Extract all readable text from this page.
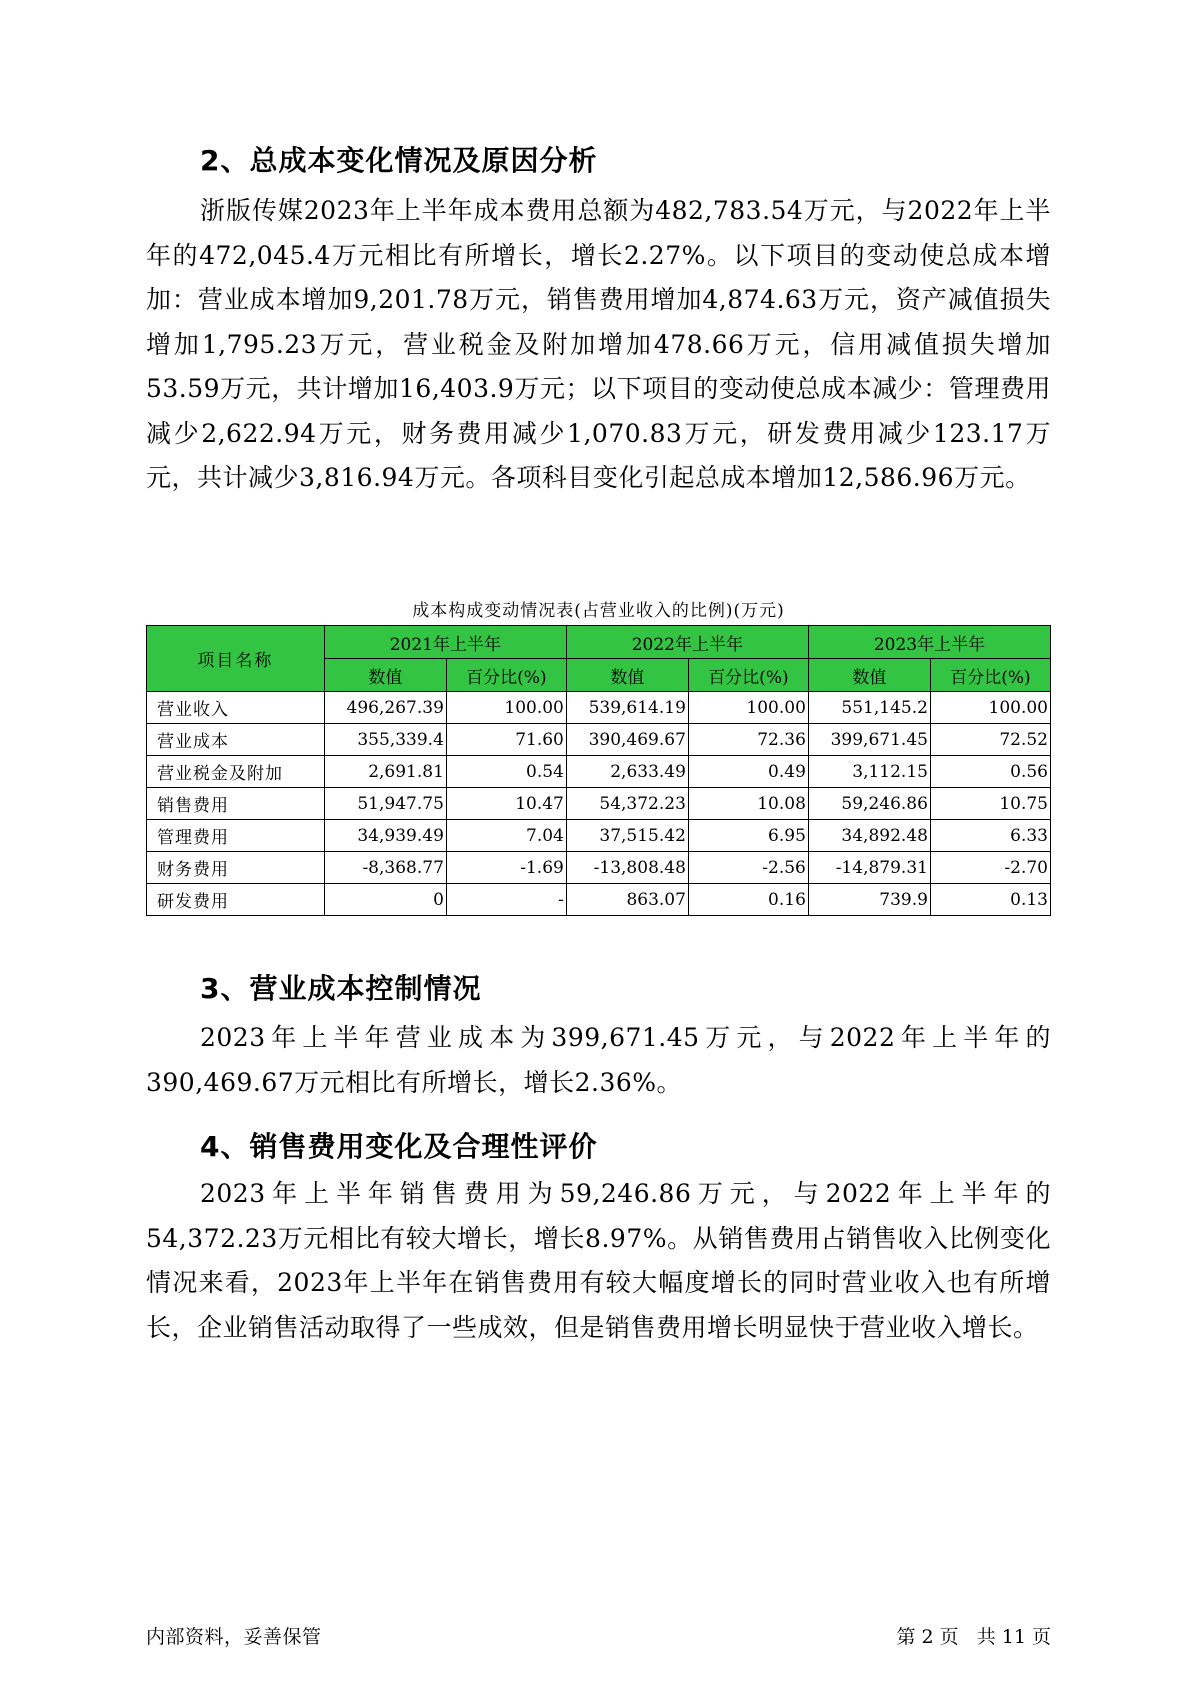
2、总成本变化情况及原因分析

浙版传媒2023年上半年成本费用总额为482,783.54万元，与2022年上半年的472,045.4万元相比有所增长，增长2.27%。以下项目的变动使总成本增加：营业成本增加9,201.78万元，销售费用增加4,874.63万元，资产减值损失增加1,795.23万元，营业税金及附加增加478.66万元，信用减值损失增加53.59万元，共计增加16,403.9万元；以下项目的变动使总成本减少：管理费用减少2,622.94万元，财务费用减少1,070.83万元，研发费用减少123.17万元，共计减少3,816.94万元。各项科目变化引起总成本增加12,586.96万元。

成本构成变动情况表(占营业收入的比例)(万元)
项目名称	2021年上半年		2022年上半年		2023年上半年	
	数值	百分比(%)	数值	百分比(%)	数值	百分比(%)
营业收入	496,267.39	100.00	539,614.19	100.00	551,145.2	100.00
营业成本	355,339.4	71.60	390,469.67	72.36	399,671.45	72.52
营业税金及附加	2,691.81	0.54	2,633.49	0.49	3,112.15	0.56
销售费用	51,947.75	10.47	54,372.23	10.08	59,246.86	10.75
管理费用	34,939.49	7.04	37,515.42	6.95	34,892.48	6.33
财务费用	-8,368.77	-1.69	-13,808.48	-2.56	-14,879.31	-2.70
研发费用	0	-	863.07	0.16	739.9	0.13
3、营业成本控制情况

2023年上半年营业成本为399,671.45万元，与2022年上半年的390,469.67万元相比有所增长，增长2.36%。

4、销售费用变化及合理性评价

2023年上半年销售费用为59,246.86万元，与2022年上半年的54,372.23万元相比有较大增长，增长8.97%。从销售费用占销售收入比例变化情况来看，2023年上半年在销售费用有较大幅度增长的同时营业收入也有所增长，企业销售活动取得了一些成效，但是销售费用增长明显快于营业收入增长。

内部资料，妥善保管	第 2 页   共 11 页
